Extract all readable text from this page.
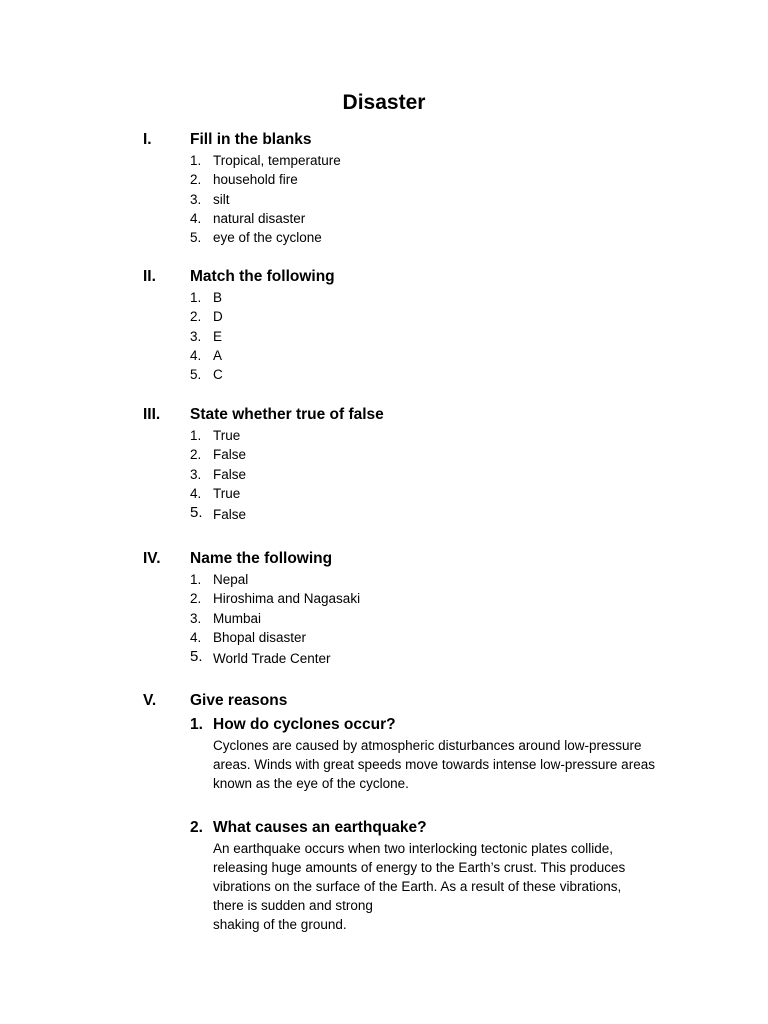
Disaster
I. Fill in the blanks
1. Tropical, temperature
2. household fire
3. silt
4. natural disaster
5. eye of the cyclone
II. Match the following
1. B
2. D
3. E
4. A
5. C
III. State whether true of false
1. True
2. False
3. False
4. True
5. False
IV. Name the following
1. Nepal
2. Hiroshima and Nagasaki
3. Mumbai
4. Bhopal disaster
5. World Trade Center
V. Give reasons
1. How do cyclones occur?
Cyclones are caused by atmospheric disturbances around low-pressure
areas. Winds with great speeds move towards intense low-pressure areas
known as the eye of the cyclone.
2. What causes an earthquake?
An earthquake occurs when two interlocking tectonic plates collide,
releasing huge amounts of energy to the Earth’s crust. This produces
vibrations on the surface of the Earth. As a result of these vibrations,
there is sudden and strong
shaking of the ground.
